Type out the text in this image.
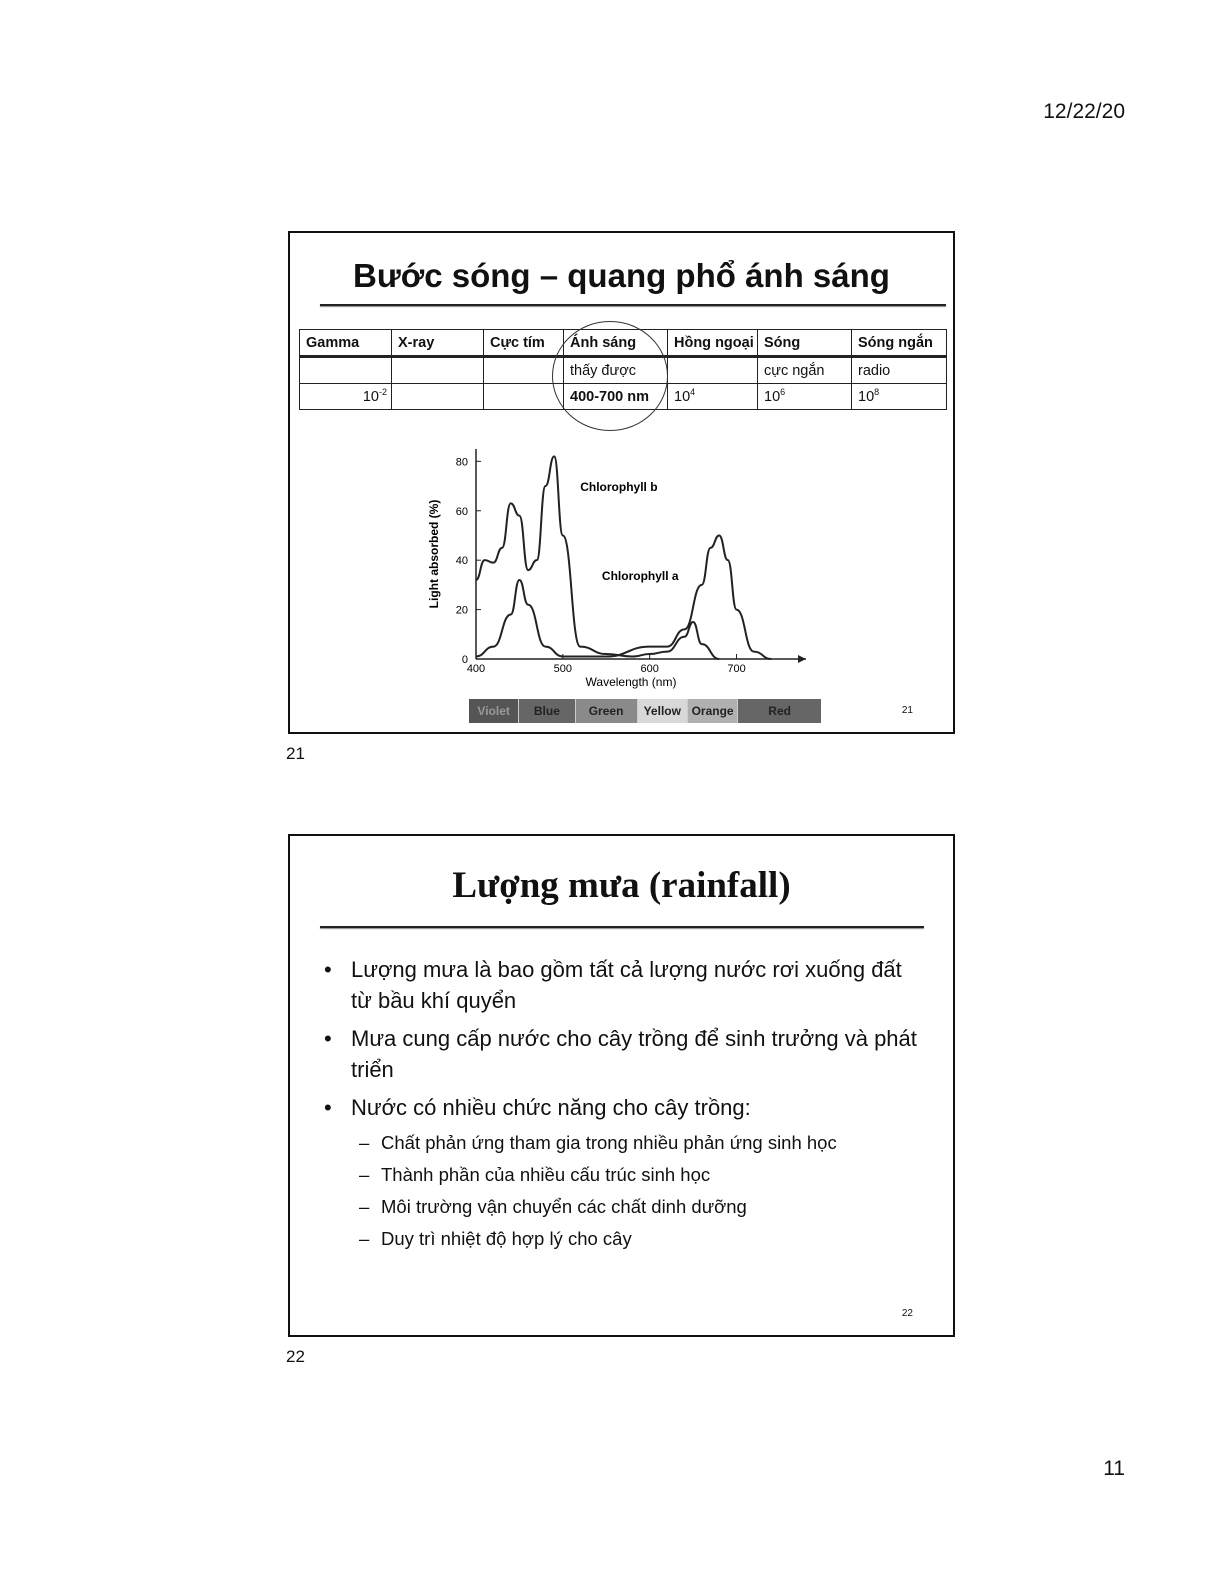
12/22/20
Bước sóng – quang phổ ánh sáng
Gamma	X-ray	Cực tím	Ánh sáng	Hồng ngoại	Sóng	Sóng ngắn
			thấy được		cực ngắn	radio
$10^{-2}$			400-700 nm	$10^4$	$10^6$	$10^8$
0
20
40
60
80
400	500	600	700
Wavelength (nm)
Light absorbed (%)
Chlorophyll b
Chlorophyll a
Violet	Blue	Green	Yellow Orange	Red	21
21
Lượng mưa (rainfall)
• Lượng mưa là bao gồm tất cả lượng nước rơi xuống đất từ bầu khí quyển
• Mưa cung cấp nước cho cây trồng để sinh trưởng và phát triển
• Nước có nhiều chức năng cho cây trồng:
– Chất phản ứng tham gia trong nhiều phản ứng sinh học
– Thành phần của nhiều cấu trúc sinh học
– Môi trường vận chuyển các chất dinh dưỡng
– Duy trì nhiệt độ hợp lý cho cây
22
22
11
